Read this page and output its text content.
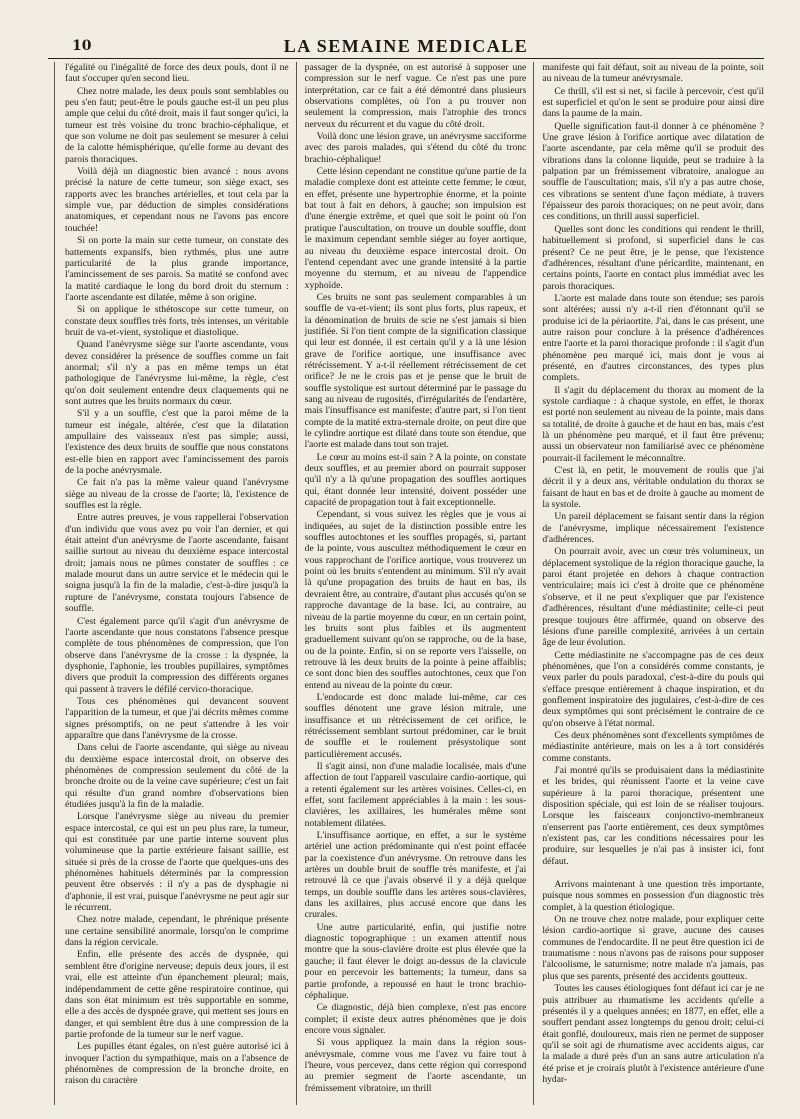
10	LA SEMAINE MEDICALE

l'égalité ou l'inégalité de force des deux pouls, dont il ne faut s'occuper qu'en second lieu.

Chez notre malade, les deux pouls sont semblables ou peu s'en faut; peut-être le pouls gauche est-il un peu plus ample que celui du côté droit, mais il faut songer qu'ici, la tumeur est très voisine du tronc brachio-céphalique, et que son volume ne doit pas seulement se mesurer à celui de la calotte hémisphérique, qu'elle forme au devant des parois thoraciques.

Voilà déjà un diagnostic bien avancé : nous avons précisé la nature de cette tumeur, son siège exact, ses rapports avec les branches artérielles, et tout cela par la simple vue, par déduction de simples considérations anatomiques, et cependant nous ne l'avons pas encore touchée!

Si on porte la main sur cette tumeur, on constate des battements expansifs, bien rythmés, plus une autre particularité de la plus grande importance, l'amincissement de ses parois. Sa matité se confond avec la matité cardiaque le long du bord droit du sternum : l'aorte ascendante est dilatée, même à son origine.

Si on applique le sthétoscope sur cette tumeur, on constate deux souffles très forts, très intenses, un véritable bruit de va-et-vient, systolique et diastolique.

Quand l'anévrysme siège sur l'aorte ascendante, vous devez considérer la présence de souffles comme un fait anormal; s'il n'y a pas en même temps un état pathologique de l'anévrysme lui-même, la règle, c'est qu'on doit seulement entendre deux claquements qui ne sont autres que les bruits normaux du cœur.

S'il y a un souffle, c'est que la paroi même de la tumeur est inégale, altérée, c'est que la dilatation ampullaire des vaisseaux n'est pas simple; aussi, l'existence des deux bruits de souffle que nous constatons est-elle bien en rapport avec l'amincissement des parois de la poche anévrysmale.

Ce fait n'a pas la même valeur quand l'anévrysme siège au niveau de la crosse de l'aorte; là, l'existence de souffles est la règle.

Entre autres preuves, je vous rappellerai l'observation d'un individu que vous avez pu voir l'an dernier, et qui était atteint d'un anévrysme de l'aorte ascendante, faisant saillie surtout au niveau du deuxième espace intercostal droit; jamais nous ne pûmes constater de souffles : ce malade mourut dans un autre service et le médecin qui le soigna jusqu'à la fin de la maladie, c'est-à-dire jusqu'à la rupture de l'anévrysme, constata toujours l'absence de souffle.

C'est également parce qu'il s'agit d'un anévrysme de l'aorte ascendante que nous constatons l'absence presque complète de tous phénomènes de compression, que l'on observe dans l'anévrysme de la crosse : la dyspnée, la dysphonie, l'aphonie, les troubles pupillaires, symptômes divers que produit la compression des différents organes qui passent à travers le défilé cervico-thoracique.

Tous ces phénomènes qui devancent souvent l'apparition de la tumeur, et que j'ai décrits mêmes comme signes présomptifs, on ne peut s'attendre à les voir apparaître que dans l'anévrysme de la crosse.

Dans celui de l'aorte ascendante, qui siège au niveau du deuxième espace intercostal droit, on observe des phénomènes de compression seulement du côté de la bronche droite ou de la veine cave supérieure; c'est un fait qui résulte d'un grand nombre d'observations bien étudiées jusqu'à la fin de la maladie.

Lorsque l'anévrysme siège au niveau du premier espace intercostal, ce qui est un peu plus rare, la tumeur, qui est constituée par une partie interne souvent plus volumineuse que la partie extérieure faisant saillie, est située si près de la crosse de l'aorte que quelques-uns des phénomènes habituels déterminés par la compression peuvent être observés : il n'y a pas de dysphagie ni d'aphonie, il est vrai, puisque l'anévrysme ne peut agir sur le récurrent.

Chez notre malade, cependant, le phrénique présente une certaine sensibilité anormale, lorsqu'on le comprime dans la région cervicale.

Enfin, elle présente des accès de dyspnée, qui semblent être d'origine nerveuse; depuis deux jours, il est vrai, elle est atteinte d'un épanchement pleural; mais, indépendamment de cette gêne respiratoire continue, qui dans son état minimum est très supportable en somme, elle a des accès de dyspnée grave, qui mettent ses jours en danger, et qui semblent être dus à une compression de la partie profonde de la tumeur sur le nerf vague.

Les pupilles étant égales, on n'est guère autorisé ici à invoquer l'action du sympathique, mais on a l'absence de phénomènes de compression de la bronche droite, en raison du caractère

passager de la dyspnée, on est autorisé à supposer une compression sur le nerf vague. Ce n'est pas une pure interprétation, car ce fait a été démontré dans plusieurs observations complètes, où l'on a pu trouver non seulement la compression, mais l'atrophie des troncs nerveux du récurrent et du vague du côté droit.

Voilà donc une lésion grave, un anévrysme sacciforme avec des parois malades, qui s'étend du côté du tronc brachio-céphalique!

Cette lésion cependant ne constitue qu'une partie de la maladie complexe dont est atteinte cette femme; le cœur, en effet, présente une hypertrophie énorme, et la pointe bat tout à fait en dehors, à gauche; son impulsion est d'une énergie extrême, et quel que soit le point où l'on pratique l'auscultation, on trouve un double souffle, dont le maximum cependant semble siéger au foyer aortique, au niveau du deuxième espace intercostal droit. On l'entend cependant avec une grande intensité à la partie moyenne du sternum, et au niveau de l'appendice xyphoïde.

Ces bruits ne sont pas seulement comparables à un souffle de va-et-vient; ils sont plus forts, plus rapeux, et la dénomination de bruits de scie ne s'est jamais si bien justifiée. Si l'on tient compte de la signification classique qui leur est donnée, il est certain qu'il y a là une lésion grave de l'orifice aortique, une insuffisance avec rétrécissement. Y a-t-il réellement rétrécissement de cet orifice? Je ne le crois pas et je pense que le bruit de souffle systolique est surtout déterminé par le passage du sang au niveau de rugosités, d'irrégularités de l'endartère, mais l'insuffisance est manifeste; d'autre part, si l'on tient compte de la matité extra-sternale droite, on peut dire que le cylindre aortique est dilaté dans toute son étendue, que l'aorte est malade dans tout son trajet.

Le cœur au moins est-il sain ? A la pointe, on constate deux souffles, et au premier abord on pourrait supposer qu'il n'y a là qu'une propagation des souffles aortiques qui, étant donnée leur intensité, doivent posséder une capacité de propagation tout à fait exceptionnelle.

Cependant, si vous suivez les règles que je vous ai indiquées, au sujet de la distinction possible entre les souffles autochtones et les souffles propagés, si, partant de la pointe, vous auscultez méthodiquement le cœur en vous rapprochant de l'orifice aortique, vous trouverez un point où les bruits s'entendent au minimum. S'il n'y avait là qu'une propagation des bruits de haut en bas, ils devraient être, au contraire, d'autant plus accusés qu'on se rapproche davantage de la base. Ici, au contraire, au niveau de la partie moyenne du cœur, en un certain point, les bruits sont plus faibles et ils augmentent graduellement suivant qu'on se rapproche, ou de la base, ou de la pointe. Enfin, si on se reporte vers l'aisselle, on retrouve là les deux bruits de la pointe à peine affaiblis; ce sont donc bien des souffles autochtones, ceux que l'on entend au niveau de la pointe du cœur.

L'endocarde est donc malade lui-même, car ces souffles dénotent une grave lésion mitrale, une insuffisance et un rétrécissement de cet orifice, le rétrécissement semblant surtout prédominer, car le bruit de souffle et le roulement présystolique sont particulièrement accusés.

Il s'agit ainsi, non d'une maladie localisée, mais d'une affection de tout l'appareil vasculaire cardio-aortique, qui a retenti également sur les artères voisines. Celles-ci, en effet, sont facilement appréciables à la main : les sous-clavières, les axillaires, les humérales même sont notablement dilatées.

L'insuffisance aortique, en effet, a sur le système artériel une action prédominante qui n'est point effacée par la coexistence d'un anévrysme. On retrouve dans les artères un double bruit de souffle très manifeste, et j'ai retrouvé là ce que j'avais observé il y a déjà quelque temps, un double souffle dans les artères sous-clavières, dans les axillaires, plus accusé encore que dans les crurales.

Une autre particularité, enfin, qui justifie notre diagnostic topographique : un examen attentif nous montre que la sous-clavière droite est plus élevée que la gauche; il faut élever le doigt au-dessus de la clavicule pour en percevoir les battements; la tumeur, dans sa partie profonde, a repoussé en haut le tronc brachio-céphalique.

Ce diagnostic, déjà bien complexe, n'est pas encore complet; il existe deux autres phénomènes que je dois encore vous signaler.

Si vous appliquez la main dans la région sous-anévrysmale, comme vous me l'avez vu faire tout à l'heure, vous percevez, dans cette région qui correspond au premier segment de l'aorte ascendante, un frémissement vibratoire, un thrill

manifeste qui fait défaut, soit au niveau de la pointe, soit au niveau de la tumeur anévrysmale.

Ce thrill, s'il est si net, si facile à percevoir, c'est qu'il est superficiel et qu'on le sent se produire pour ainsi dire dans la paume de la main.

Quelle signification faut-il donner à ce phénomène ? Une grave lésion à l'orifice aortique avec dilatation de l'aorte ascendante, par cela même qu'il se produit des vibrations dans la colonne liquide, peut se traduire à la palpation par un frémissement vibratoire, analogue au souffle de l'auscultation; mais, s'il n'y a pas autre chose, ces vibrations se sentent d'une façon médiate, à travers l'épaisseur des parois thoraciques; on ne peut avoir, dans ces conditions, un thrill aussi superficiel.

Quelles sont donc les conditions qui rendent le thrill, habituellement si profond, si superficiel dans le cas présent? Ce ne peut être, je le pense, que l'existence d'adhérences, résultant d'une péricardite, maintenant, en certains points, l'aorte en contact plus immédiat avec les parois thoraciques.

L'aorte est malade dans toute son étendue; ses parois sont altérées; aussi n'y a-t-il rien d'étonnant qu'il se produise ici de la périaortite. J'ai, dans le cas présent, une autre raison pour conclure à la présence d'adhérences entre l'aorte et la paroi thoracique profonde : il s'agit d'un phénomène peu marqué ici, mais dont je vous ai présenté, en d'autres circonstances, des types plus complets.

Il s'agit du déplacement du thorax au moment de la systole cardiaque : à chaque systole, en effet, le thorax est porté non seulement au niveau de la pointe, mais dans sa totalité, de droite à gauche et de haut en bas, mais c'est là un phénomène peu marqué, et il faut être prévenu; aussi un observateur non familiarisé avec ce phénomène pourrait-il facilement le méconnaître.

C'est là, en petit, le mouvement de roulis que j'ai décrit il y a deux ans, véritable ondulation du thorax se faisant de haut en bas et de droite à gauche au moment de la systole.

Un pareil déplacement se faisant sentir dans la région de l'anévrysme, implique nécessairement l'existence d'adhérences.

On pourrait avoir, avec un cœur très volumineux, un déplacement systolique de la région thoracique gauche, la paroi étant projetée en dehors à chaque contraction ventriculaire; mais ici c'est à droite que ce phénomène s'observe, et il ne peut s'expliquer que par l'existence d'adhérences, résultant d'une médiastinite; celle-ci peut presque toujours être affirmée, quand on observe des lésions d'une pareille complexité, arrivées à un certain âge de leur évolution.

Cette médiastinite ne s'accompagne pas de ces deux phénomènes, que l'on a considérés comme constants, je veux parler du pouls paradoxal, c'est-à-dire du pouls qui s'efface presque entièrement à chaque inspiration, et du gonflement inspiratoire des jugulaires, c'est-à-dire de ces deux symptômes qui sont précisément le contraire de ce qu'on observe à l'état normal.

Ces deux phénomènes sont d'excellents symptômes de médiastinite antérieure, mais on les a à tort considérés comme constants.

J'ai montré qu'ils se produisaient dans la médiastinite et les brides, qui réunissent l'aorte et la veine cave supérieure à la paroi thoracique, présentent une disposition spéciale, qui est loin de se réaliser toujours. Lorsque les faisceaux conjonctivo-membraneux n'enserrent pas l'aorte entièrement, ces deux symptômes n'existent pas, car les conditions nécessaires pour les produire, sur lesquelles je n'ai pas à insister ici, font défaut.

Arrivons maintenant à une question très importante, puisque nous sommes en possession d'un diagnostic très complet, à la question étiologique.

On ne trouve chez notre malade, pour expliquer cette lésion cardio-aortique si grave, aucune des causes communes de l'endocardite. Il ne peut être question ici de traumatisme : nous n'avons pas de raisons pour supposer l'alcoolisme, le saturnisme; notre malade n'a jamais, pas plus que ses parents, présenté des accidents goutteux.

Toutes les causes étiologiques font défaut ici car je ne puis attribuer au rhumatisme les accidents qu'elle a présentés il y a quelques années; en 1877, en effet, elle a souffert pendant assez longtemps du genou droit; celui-ci était gonflé, douloureux, mais rien ne permet de supposer qu'il se soit agi de rhumatisme avec accidents aigus, car la malade a duré près d'un an sans autre articulation n'a été prise et je croirais plutôt à l'existence antérieure d'une hydar-
